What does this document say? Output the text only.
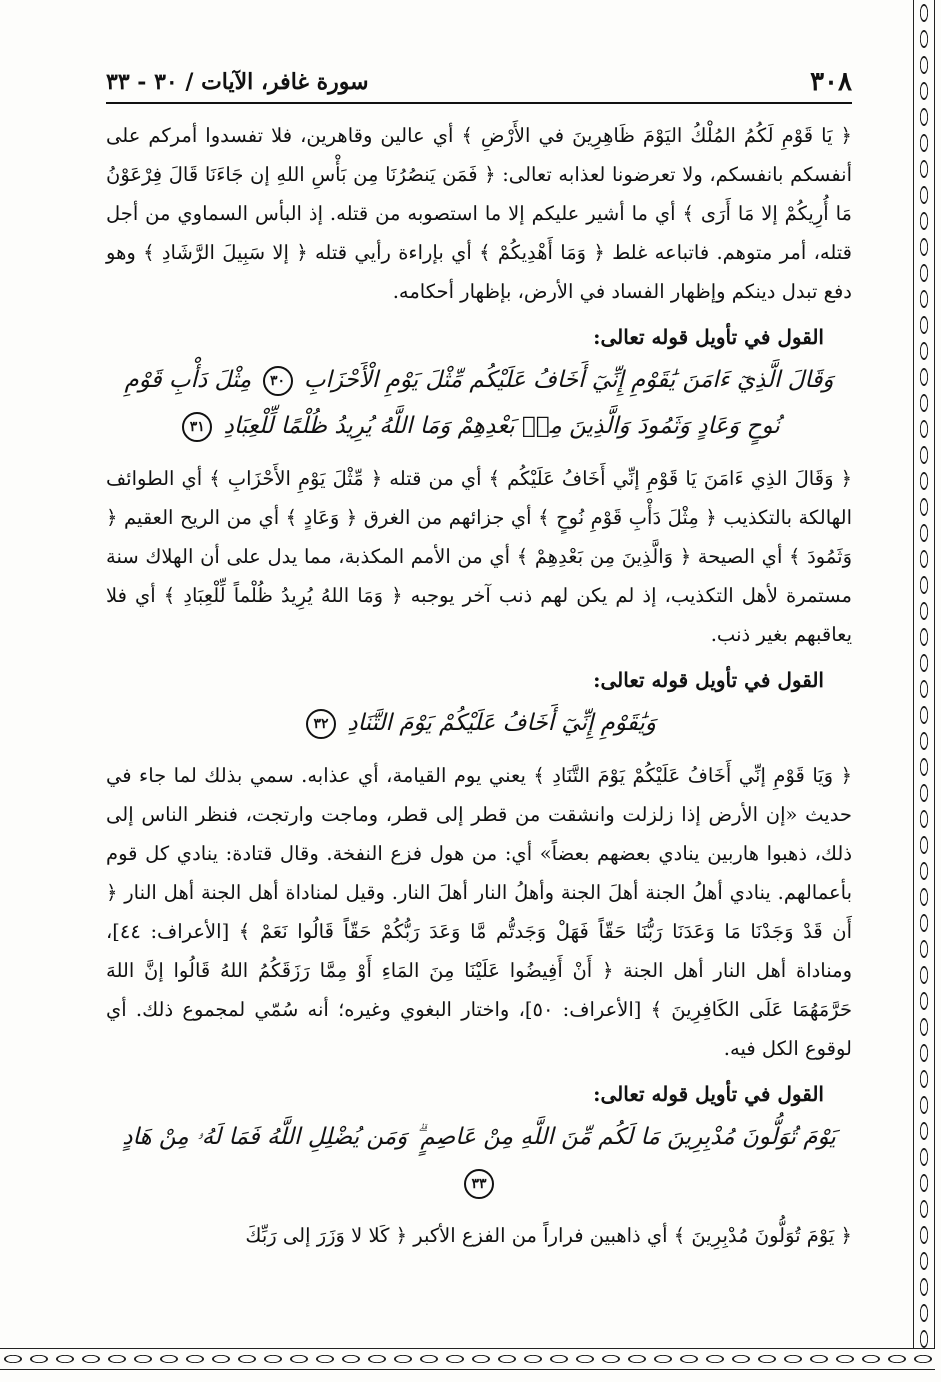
٣٠٨
سورة غافر، الآيات / ٣٠ - ٣٣

﴿ يَا قَوْمِ لَكُمُ المُلْكُ اليَوْمَ ظَاهِرِينَ في الأَرْضِ ﴾ أي عالين وقاهرين، فلا تفسدوا أمركم على أنفسكم بانفسكم، ولا تعرضونا لعذابه تعالى: ﴿ فَمَن يَنصُرُنَا مِن بَأْسِ اللهِ إن جَاءَنَا قَالَ فِرْعَوْنُ مَا أُرِيكُمْ إلا مَا أَرَى ﴾ أي ما أشير عليكم إلا ما استصوبه من قتله. إذ البأس السماوي من أجل قتله، أمر متوهم. فاتباعه غلط ﴿ وَمَا أَهْدِيكُمْ ﴾ أي بإراءة رأيي قتله ﴿ إلا سَبِيلَ الرَّشَادِ ﴾ وهو دفع تبدل دينكم وإظهار الفساد في الأرض، بإظهار أحكامه.

القول في تأويل قوله تعالى:
وَقَالَ الَّذِيٓ ءَامَنَ يَٰقَوْمِ إِنِّيٓ أَخَافُ عَلَيْكُم مِّثْلَ يَوْمِ الْأَحْزَابِ ٣٠ مِثْلَ دَأْبِ قَوْمِ نُوحٍ وَعَادٍ وَثَمُودَ وَالَّذِينَ مِنۢ بَعْدِهِمْ وَمَا اللَّهُ يُرِيدُ ظُلْمًا لِّلْعِبَادِ ٣١

﴿ وَقَالَ الذِي ءَامَنَ يَا قَوْمِ إنِّي أَخَافُ عَلَيْكُم ﴾ أي من قتله ﴿ مِّثْلَ يَوْمِ الأَحْزَابِ ﴾ أي الطوائف الهالكة بالتكذيب ﴿ مِثْلَ دَأْبِ قَوْمِ نُوحٍ ﴾ أي جزائهم من الغرق ﴿ وَعَادٍ ﴾ أي من الريح العقيم ﴿ وَثَمُودَ ﴾ أي الصيحة ﴿ وَالَّذِينَ مِن بَعْدِهِمْ ﴾ أي من الأمم المكذبة، مما يدل على أن الهلاك سنة مستمرة لأهل التكذيب، إذ لم يكن لهم ذنب آخر يوجبه ﴿ وَمَا اللهُ يُرِيدُ ظُلْماً لِّلْعِبَادِ ﴾ أي فلا يعاقبهم بغير ذنب.

القول في تأويل قوله تعالى:
وَيَٰقَوْمِ إِنِّيٓ أَخَافُ عَلَيْكُمْ يَوْمَ التَّنَادِ ٣٢

﴿ وَيَا قَوْمِ إنِّي أَخَافُ عَلَيْكُمْ يَوْمَ التَّنَادِ ﴾ يعني يوم القيامة، أي عذابه. سمي بذلك لما جاء في حديث «إن الأرض إذا زلزلت وانشقت من قطر إلى قطر، وماجت وارتجت، فنظر الناس إلى ذلك، ذهبوا هاربين ينادي بعضهم بعضاً» أي: من هول فزع النفخة. وقال قتادة: ينادي كل قوم بأعمالهم. ينادي أهلُ الجنة أهلَ الجنة وأهلُ النار أهلَ النار. وقيل لمناداة أهل الجنة أهل النار ﴿ أَن قَدْ وَجَدْنَا مَا وَعَدَنَا رَبُّنَا حَقّاً فَهَلْ وَجَدتُّم مَّا وَعَدَ رَبُّكُمْ حَقّاً قَالُوا نَعَمْ ﴾ [الأعراف: ٤٤]، ومناداة أهل النار أهل الجنة ﴿ أَنْ أَفِيضُوا عَلَيْنَا مِنَ المَاءِ أَوْ مِمَّا رَزَقَكُمُ اللهُ قَالُوا إنَّ اللهَ حَرَّمَهُمَا عَلَى الكَافِرِينَ ﴾ [الأعراف: ٥٠]، واختار البغوي وغيره؛ أنه سُمّي لمجموع ذلك. أي لوقوع الكل فيه.

القول في تأويل قوله تعالى:
يَوْمَ تُوَلُّونَ مُدْبِرِينَ مَا لَكُم مِّنَ اللَّهِ مِنْ عَاصِمٍ ۗ وَمَن يُضْلِلِ اللَّهُ فَمَا لَهُۥ مِنْ هَادٍ ٣٣

﴿ يَوْمَ تُوَلُّونَ مُدْبِرِينَ ﴾ أي ذاهبين فراراً من الفزع الأكبر ﴿ كَلا لا وَزَرَ إلى رَبِّكَ
